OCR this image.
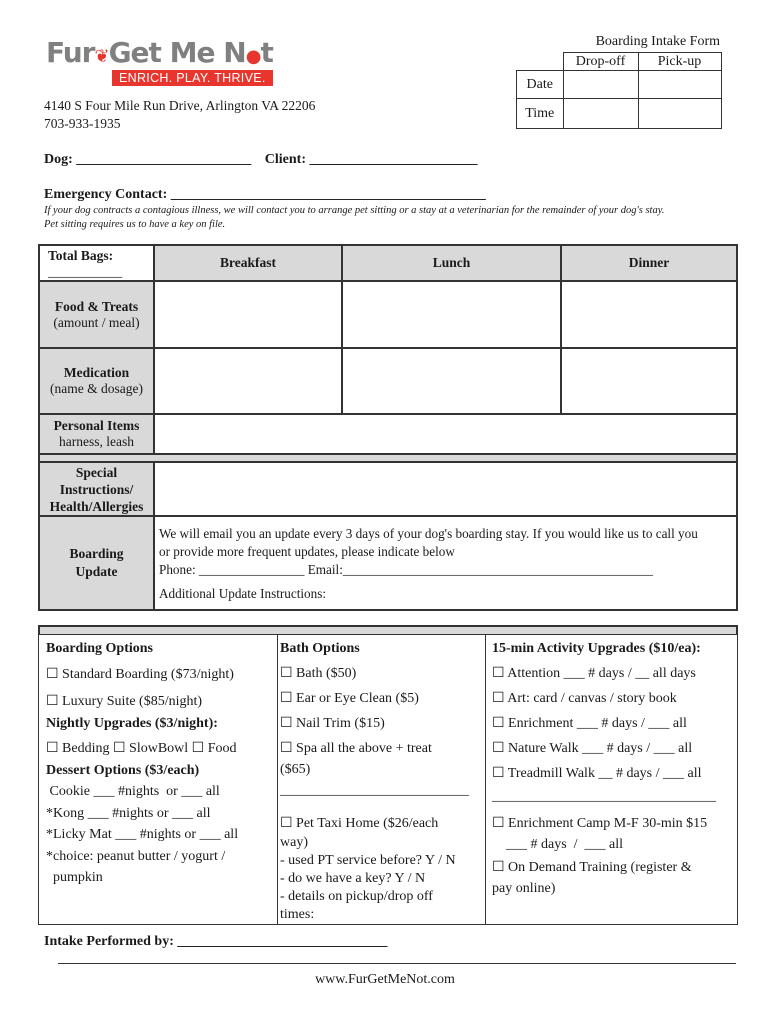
Fur❦Get Me N●t
ENRICH. PLAY. THRIVE.
4140 S Four Mile Run Drive, Arlington VA 22206
703-933-1935
Boarding Intake Form
	Drop-off	Pick-up
Date		
Time		
Dog: _________________________ Client: ________________________
Emergency Contact: _____________________________________________
If your dog contracts a contagious illness, we will contact you to arrange pet sitting or a stay at a veterinarian for the remainder of your dog's stay.
Pet sitting requires us to have a key on file.
Total Bags:
___________
Breakfast	Lunch	Dinner
Food & Treats
(amount / meal)
Medication
(name & dosage)
Personal Items
harness, leash
Special
Instructions/
Health/Allergies
Boarding
Update
We will email you an update every 3 days of your dog's boarding stay. If you would like us to call you
or provide more frequent updates, please indicate below
Phone: ________________ Email:_______________________________________________
Additional Update Instructions:
Boarding Options
☐ Standard Boarding ($73/night)
☐ Luxury Suite ($85/night)
Nightly Upgrades ($3/night):
☐ Bedding ☐ SlowBowl ☐ Food
Dessert Options ($3/each)
Cookie ___ #nights  or ___ all
*Kong ___ #nights or ___ all
*Licky Mat ___ #nights or ___ all
*choice: peanut butter / yogurt /
pumpkin
Bath Options
☐ Bath ($50)
☐ Ear or Eye Clean ($5)
☐ Nail Trim ($15)
☐ Spa all the above + treat
($65)
___________________________
☐ Pet Taxi Home ($26/each
way)
- used PT service before? Y / N
- do we have a key? Y / N
- details on pickup/drop off
times:
15-min Activity Upgrades ($10/ea):
☐ Attention ___ # days / __ all days
☐ Art: card / canvas / story book
☐ Enrichment ___ # days / ___ all
☐ Nature Walk ___ # days / ___ all
☐ Treadmill Walk __ # days / ___ all
________________________________
☐ Enrichment Camp M-F 30-min $15
___ # days  /  ___ all
☐ On Demand Training (register &
pay online)
Intake Performed by: ______________________________
www.FurGetMeNot.com
